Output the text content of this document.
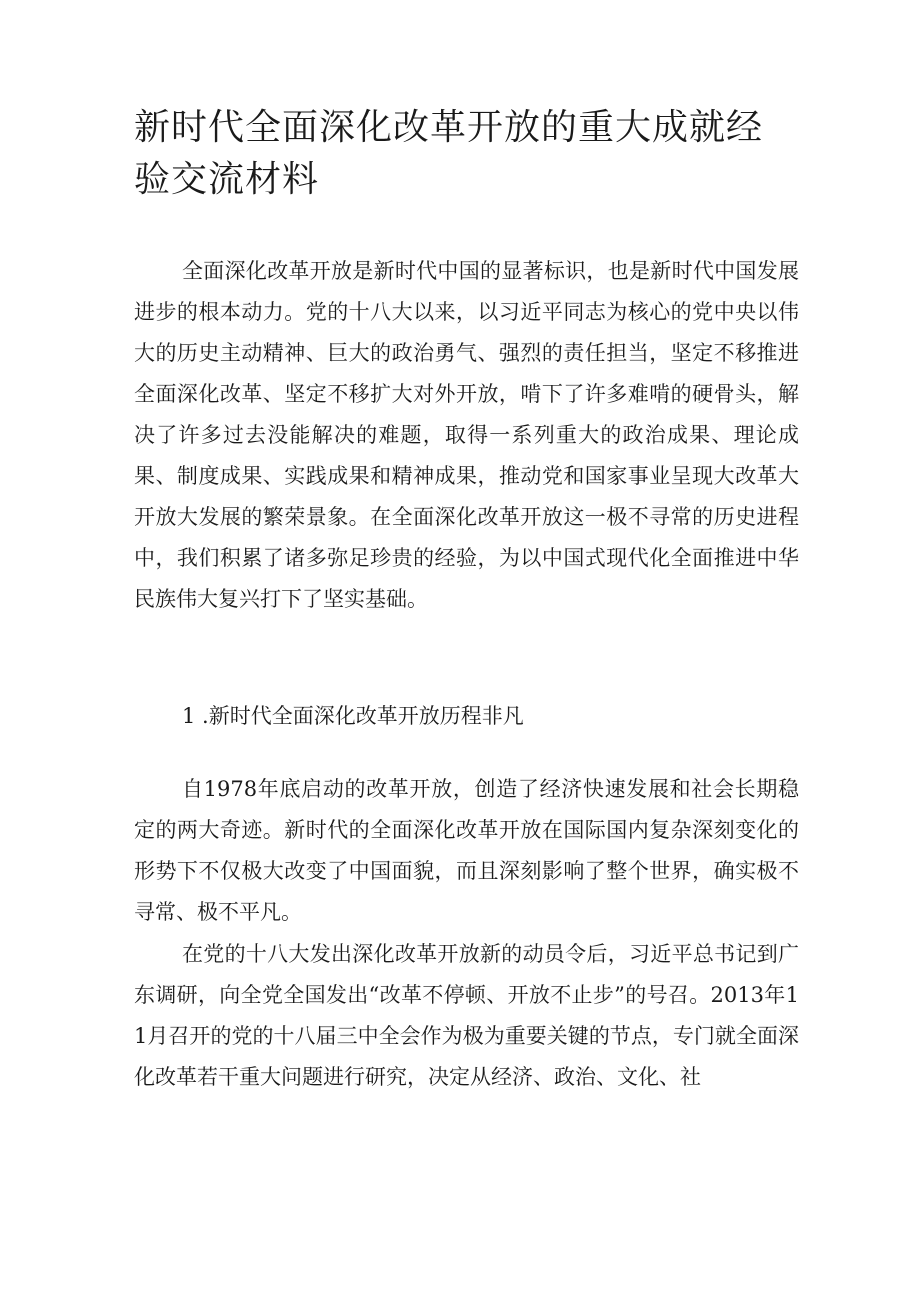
新时代全面深化改革开放的重大成就经验交流材料

全面深化改革开放是新时代中国的显著标识，也是新时代中国发展进步的根本动力。党的十八大以来，以习近平同志为核心的党中央以伟大的历史主动精神、巨大的政治勇气、强烈的责任担当，坚定不移推进全面深化改革、坚定不移扩大对外开放，啃下了许多难啃的硬骨头，解决了许多过去没能解决的难题，取得一系列重大的政治成果、理论成果、制度成果、实践成果和精神成果，推动党和国家事业呈现大改革大开放大发展的繁荣景象。在全面深化改革开放这一极不寻常的历史进程中，我们积累了诸多弥足珍贵的经验，为以中国式现代化全面推进中华民族伟大复兴打下了坚实基础。

1 .新时代全面深化改革开放历程非凡

自1978年底启动的改革开放，创造了经济快速发展和社会长期稳定的两大奇迹。新时代的全面深化改革开放在国际国内复杂深刻变化的形势下不仅极大改变了中国面貌，而且深刻影响了整个世界，确实极不寻常、极不平凡。

在党的十八大发出深化改革开放新的动员令后，习近平总书记到广东调研，向全党全国发出“改革不停顿、开放不止步”的号召。2013年11月召开的党的十八届三中全会作为极为重要关键的节点，专门就全面深化改革若干重大问题进行研究，决定从经济、政治、文化、社
